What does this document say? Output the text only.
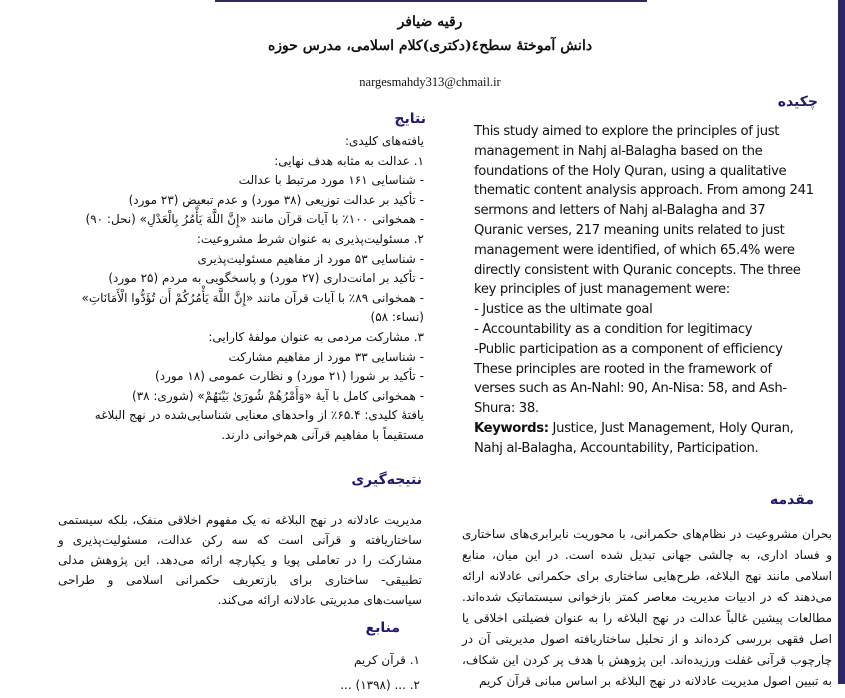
رقیه ضیافر
دانش آموختهٔ سطح٤(دکتری)کلام اسلامی، مدرس حوزه
nargesmahdy313@chmail.ir
چکیده
This study aimed to explore the principles of just
management in Nahj al-Balagha based on the
foundations of the Holy Quran, using a qualitative
thematic content analysis approach. From among 241
sermons and letters of Nahj al-Balagha and 37
Quranic verses, 217 meaning units related to just
management were identified, of which 65.4% were
directly consistent with Quranic concepts. The three
key principles of just management were:
- Justice as the ultimate goal
- Accountability as a condition for legitimacy
-Public participation as a component of efficiency
These principles are rooted in the framework of
verses such as An-Nahl: 90, An-Nisa: 58, and Ash-
Shura: 38.
Keywords: Justice, Just Management, Holy Quran,
Nahj al-Balagha, Accountability, Participation.
مقدمه
بحران مشروعیت در نظام‌های حکمرانی، با محوریت نابرابری‌های ساختاری و فساد اداری، به چالشی جهانی تبدیل شده است. در این میان، منابع اسلامی مانند نهج البلاغه، طرح‌هایی ساختاری برای حکمرانی عادلانه ارائه می‌دهند که در ادبیات مدیریت معاصر کمتر بازخوانی سیستماتیک شده‌اند. مطالعات پیشین غالباً عدالت در نهج البلاغه را به عنوان فضیلتی اخلاقی یا اصل فقهی بررسی کرده‌اند و از تحلیل ساختاریافته اصول مدیریتی آن در چارچوب قرآنی غفلت ورزیده‌اند. این پژوهش با هدف پر کردن این شکاف، به تبیین اصول مدیریت عادلانه در نهج البلاغه بر اساس مبانی قرآن کریم
نتایج
یافته‌های کلیدی:
١. عدالت به مثابه هدف نهایی:
- شناسایی ۱۶۱ مورد مرتبط با عدالت
- تأکید بر عدالت توزیعی (۳۸ مورد) و عدم تبعیض (۲۳ مورد)
- همخوانی ۱۰۰٪ با آیات قرآن مانند «إِنَّ اللَّهَ يَأْمُرُ بِالْعَدْلِ» (نحل: ۹۰)
۲. مسئولیت‌پذیری به عنوان شرط مشروعیت:
- شناسایی ۵۳ مورد از مفاهیم مسئولیت‌پذیری
- تأکید بر امانت‌داری (۲۷ مورد) و پاسخگویی به مردم (۲۵ مورد)
- همخوانی ۸۹٪ با آیات قرآن مانند «إِنَّ اللَّهَ يَأْمُرُكُمْ أَن تُؤَدُّوا الْأَمَانَاتِ»
(نساء: ۵۸)
۳. مشارکت مردمی به عنوان مولفهٔ کارایی:
- شناسایی ۳۳ مورد از مفاهیم مشارکت
- تأکید بر شورا (۲۱ مورد) و نظارت عمومی (۱۸ مورد)
- همخوانی کامل با آیهٔ «وَأَمْرُهُمْ شُورَىٰ بَيْنَهُمْ» (شوری: ۳۸)
یافتهٔ کلیدی: ۶۵.۴٪ از واحدهای معنایی شناسایی‌شده در نهج البلاغه مستقیماً با مفاهیم قرآنی هم‌خوانی دارند.
نتیجه‌گیری
مدیریت عادلانه در نهج البلاغه نه یک مفهوم اخلاقی منفک، بلکه سیستمی ساختاریافته و قرآنی است که سه رکن عدالت، مسئولیت‌پذیری و مشارکت را در تعاملی پویا و یکپارچه ارائه می‌دهد. این پژوهش مدلی تطبیقی- ساختاری برای بازتعریف حکمرانی اسلامی و طراحی سیاست‌های مدیریتی عادلانه ارائه می‌کند.
منابع
١. قرآن کریم
۲. ... (۱۳۹۸) ...
